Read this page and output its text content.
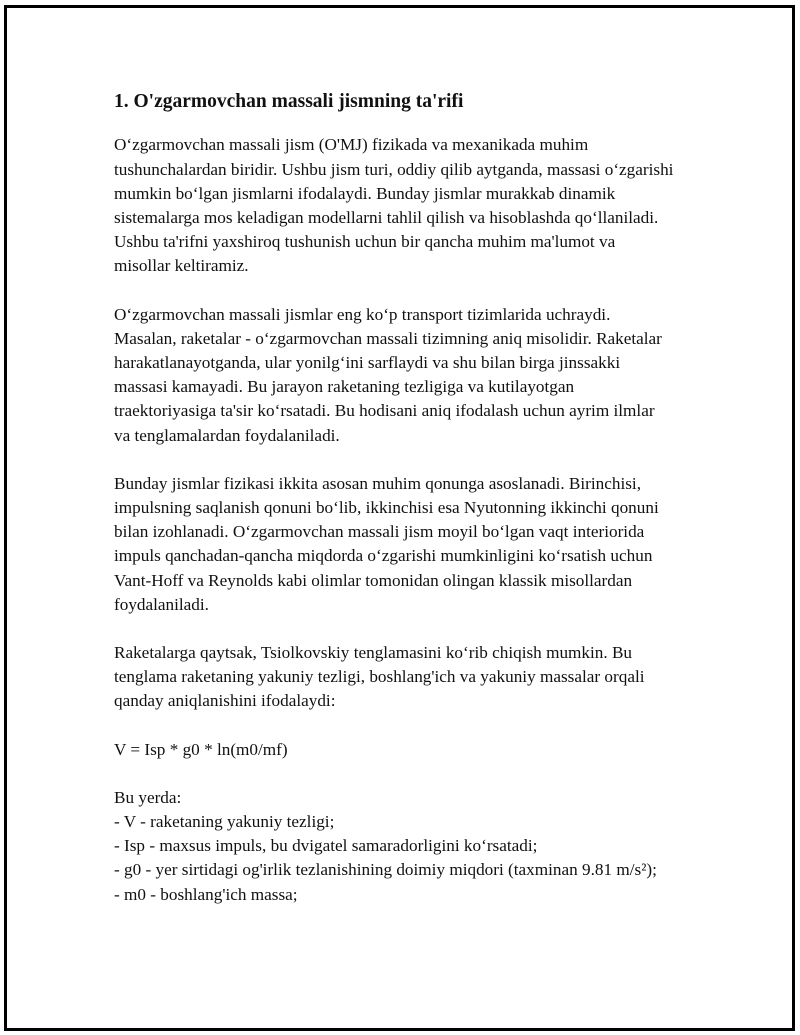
1. O'zgarmovchan massali jismning ta'rifi

O‘zgarmovchan massali jism (O'MJ) fizikada va mexanikada muhim tushunchalardan biridir. Ushbu jism turi, oddiy qilib aytganda, massasi o‘zgarishi mumkin bo‘lgan jismlarni ifodalaydi. Bunday jismlar murakkab dinamik sistemalarga mos keladigan modellarni tahlil qilish va hisoblashda qo‘llaniladi. Ushbu ta'rifni yaxshiroq tushunish uchun bir qancha muhim ma'lumot va misollar keltiramiz.

O‘zgarmovchan massali jismlar eng ko‘p transport tizimlarida uchraydi. Masalan, raketalar - o‘zgarmovchan massali tizimning aniq misolidir. Raketalar harakatlanayotganda, ular yonilg‘ini sarflaydi va shu bilan birga jinssakki massasi kamayadi. Bu jarayon raketaning tezligiga va kutilayotgan traektoriyasiga ta'sir ko‘rsatadi. Bu hodisani aniq ifodalash uchun ayrim ilmlar va tenglamalardan foydalaniladi.

Bunday jismlar fizikasi ikkita asosan muhim qonunga asoslanadi. Birinchisi, impulsning saqlanish qonuni bo‘lib, ikkinchisi esa Nyutonning ikkinchi qonuni bilan izohlanadi. O‘zgarmovchan massali jism moyil bo‘lgan vaqt interiorida impuls qanchadan-qancha miqdorda o‘zgarishi mumkinligini ko‘rsatish uchun Vant-Hoff va Reynolds kabi olimlar tomonidan olingan klassik misollardan foydalaniladi.

Raketalarga qaytsak, Tsiolkovskiy tenglamasini ko‘rib chiqish mumkin. Bu tenglama raketaning yakuniy tezligi, boshlang'ich va yakuniy massalar orqali qanday aniqlanishini ifodalaydi:

V = Isp * g0 * ln(m0/mf)

Bu yerda:
- V - raketaning yakuniy tezligi;
- Isp - maxsus impuls, bu dvigatel samaradorligini ko‘rsatadi;
- g0 - yer sirtidagi og'irlik tezlanishining doimiy miqdori (taxminan 9.81 m/s²);
- m0 - boshlang'ich massa;
